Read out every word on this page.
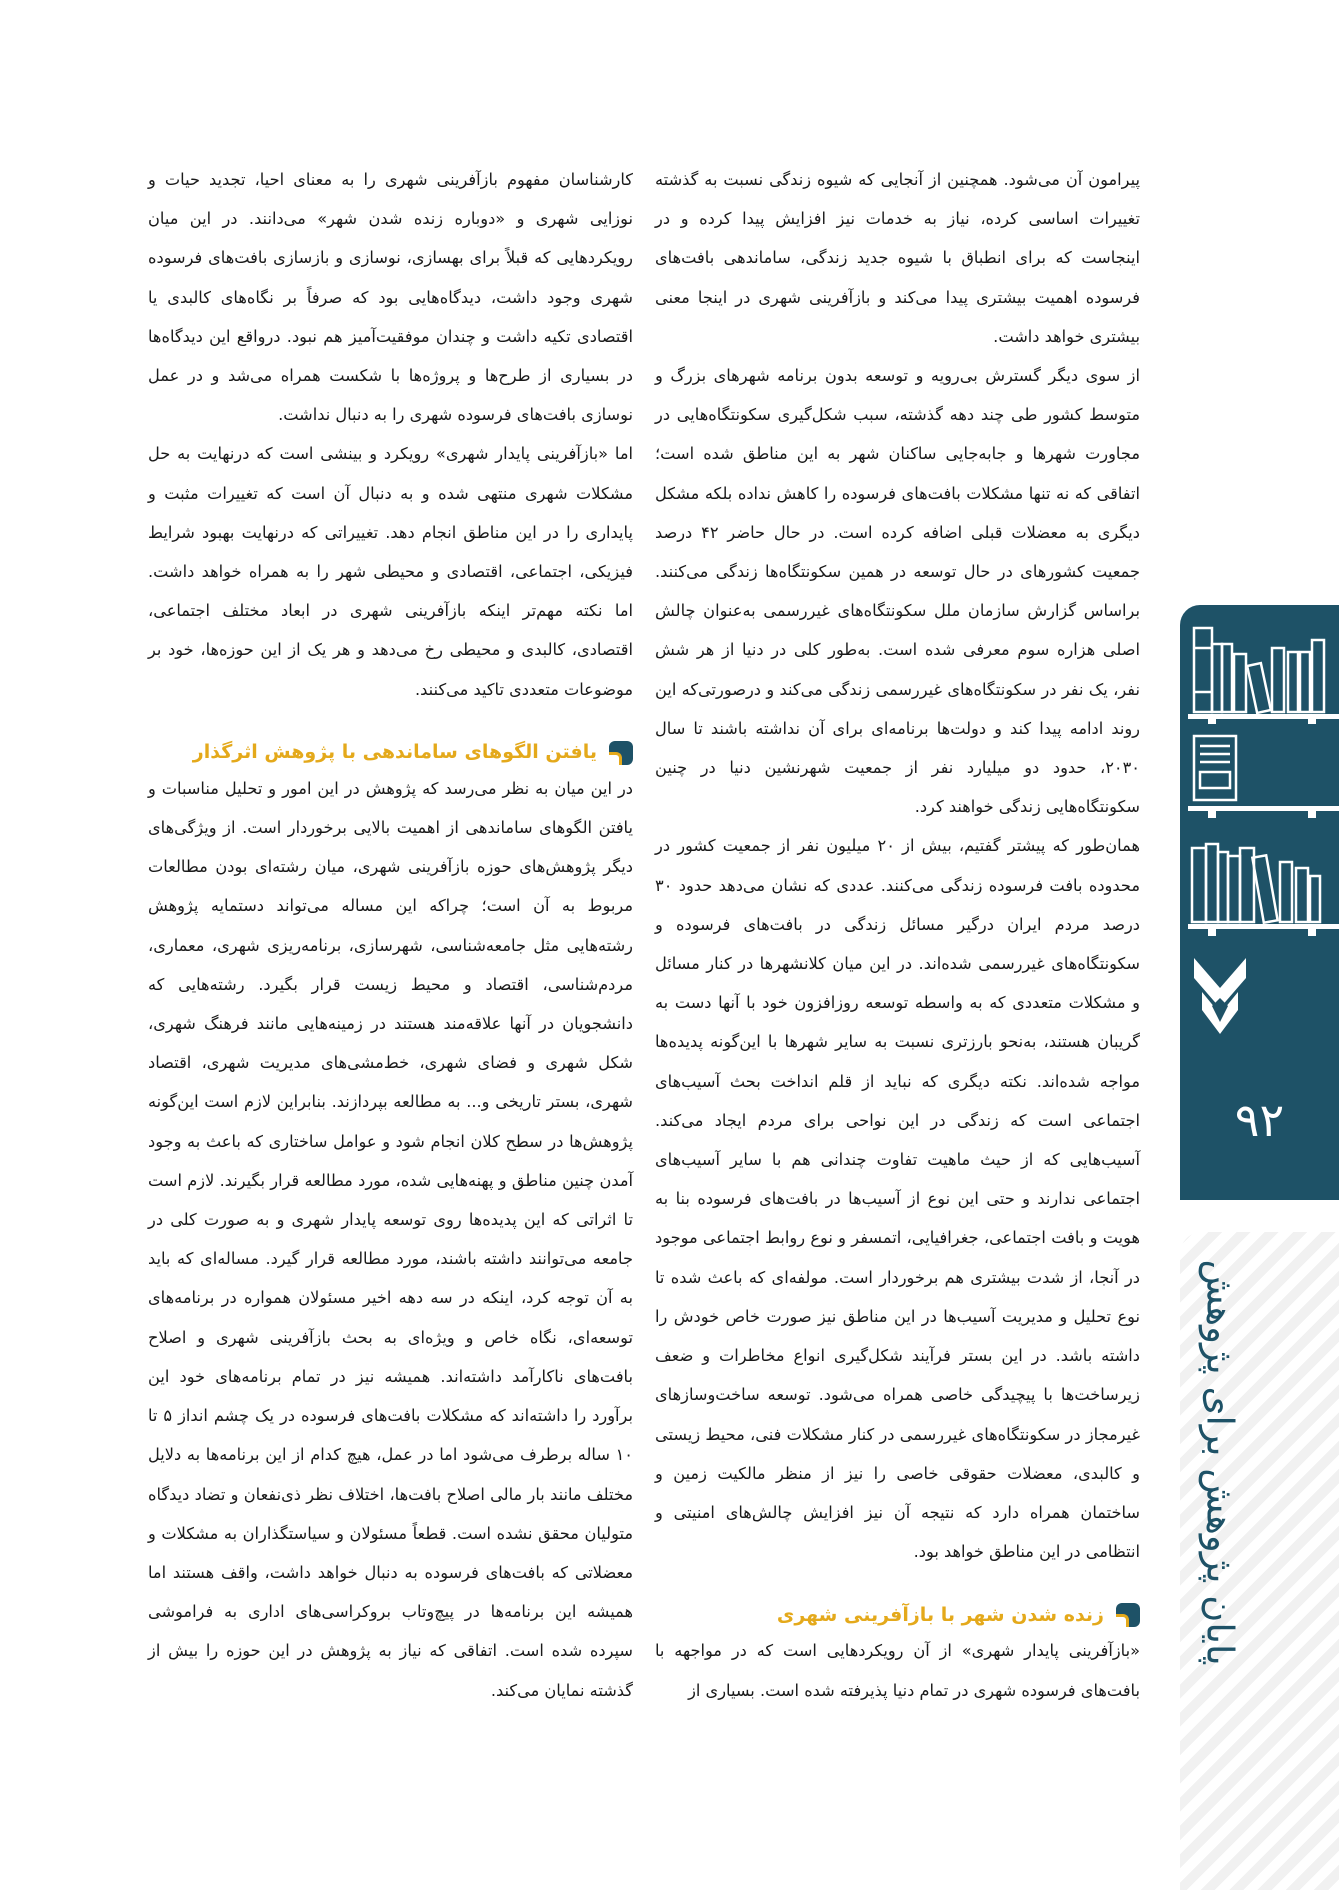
پیرامون آن می‌شود. همچنین از آنجایی که شیوه زندگی نسبت به گذشته تغییرات اساسی کرده، نیاز به خدمات نیز افزایش پیدا کرده و در اینجاست که برای انطباق با شیوه جدید زندگی، ساماندهی بافت‌های فرسوده اهمیت بیشتری پیدا می‌کند و بازآفرینی شهری در اینجا معنی بیشتری خواهد داشت.

از سوی دیگر گسترش بی‌رویه و توسعه بدون برنامه شهرهای بزرگ و متوسط کشور طی چند دهه گذشته، سبب شکل‌گیری سکونتگاه‌هایی در مجاورت شهرها و جابه‌جایی ساکنان شهر به این مناطق شده است؛ اتفاقی که نه تنها مشکلات بافت‌های فرسوده را کاهش نداده بلکه مشکل دیگری به معضلات قبلی اضافه کرده است. در حال حاضر ۴۲ درصد جمعیت کشورهای در حال توسعه در همین سکونتگاه‌ها زندگی می‌کنند. براساس گزارش سازمان ملل سکونتگاه‌های غیررسمی به‌عنوان چالش اصلی هزاره سوم معرفی شده است. به‌طور کلی در دنیا از هر شش نفر، یک نفر در سکونتگاه‌های غیررسمی زندگی می‌کند و درصورتی‌که این روند ادامه پیدا کند و دولت‌ها برنامه‌ای برای آن نداشته باشند تا سال ۲۰۳۰، حدود دو میلیارد نفر از جمعیت شهرنشین دنیا در چنین سکونتگاه‌هایی زندگی خواهند کرد.

همان‌طور که پیشتر گفتیم، بیش از ۲۰ میلیون نفر از جمعیت کشور در محدوده بافت فرسوده زندگی می‌کنند. عددی که نشان می‌دهد حدود ۳۰ درصد مردم ایران درگیر مسائل زندگی در بافت‌های فرسوده و سکونتگاه‌های غیررسمی شده‌اند. در این میان کلانشهرها در کنار مسائل و مشکلات متعددی که به واسطه توسعه روزافزون خود با آنها دست به گریبان هستند، به‌نحو بارزتری نسبت به سایر شهرها با این‌گونه پدیده‌ها مواجه شده‌اند. نکته دیگری که نباید از قلم انداخت بحث آسیب‌های اجتماعی است که زندگی در این نواحی برای مردم ایجاد می‌کند. آسیب‌هایی که از حیث ماهیت تفاوت چندانی هم با سایر آسیب‌های اجتماعی ندارند و حتی این نوع از آسیب‌ها در بافت‌های فرسوده بنا به هویت و بافت اجتماعی، جغرافیایی، اتمسفر و نوع روابط اجتماعی موجود در آنجا، از شدت بیشتری هم برخوردار است. مولفه‌ای که باعث شده تا نوع تحلیل و مدیریت آسیب‌ها در این مناطق نیز صورت خاص خودش را داشته باشد. در این بستر فرآیند شکل‌گیری انواع مخاطرات و ضعف زیرساخت‌ها با پیچیدگی خاصی همراه می‌شود. توسعه ساخت‌وسازهای غیرمجاز در سکونتگاه‌های غیررسمی در کنار مشکلات فنی، محیط زیستی و کالبدی، معضلات حقوقی خاصی را نیز از منظر مالکیت زمین و ساختمان همراه دارد که نتیجه آن نیز افزایش چالش‌های امنیتی و انتظامی در این مناطق خواهد بود.

زنده شدن شهر با بازآفرینی شهری

«بازآفرینی پایدار شهری» از آن رویکردهایی است که در مواجهه با بافت‌های فرسوده شهری در تمام دنیا پذیرفته شده است. بسیاری از

کارشناسان مفهوم بازآفرینی شهری را به معنای احیا، تجدید حیات و نوزایی شهری و «دوباره زنده شدن شهر» می‌دانند. در این میان رویکردهایی که قبلاً برای بهسازی، نوسازی و بازسازی بافت‌های فرسوده شهری وجود داشت، دیدگاه‌هایی بود که صرفاً بر نگاه‌های کالبدی یا اقتصادی تکیه داشت و چندان موفقیت‌آمیز هم نبود. درواقع این دیدگاه‌ها در بسیاری از طرح‌ها و پروژه‌ها با شکست همراه می‌شد و در عمل نوسازی بافت‌های فرسوده شهری را به دنبال نداشت.

اما «بازآفرینی پایدار شهری» رویکرد و بینشی است که درنهایت به حل مشکلات شهری منتهی شده و به دنبال آن است که تغییرات مثبت و پایداری را در این مناطق انجام دهد. تغییراتی که درنهایت بهبود شرایط فیزیکی، اجتماعی، اقتصادی و محیطی شهر را به همراه خواهد داشت. اما نکته مهم‌تر اینکه بازآفرینی شهری در ابعاد مختلف اجتماعی، اقتصادی، کالبدی و محیطی رخ می‌دهد و هر یک از این حوزه‌ها، خود بر موضوعات متعددی تاکید می‌کنند.

یافتن الگوهای ساماندهی با پژوهش اثرگذار

در این میان به نظر می‌رسد که پژوهش در این امور و تحلیل مناسبات و یافتن الگوهای ساماندهی از اهمیت بالایی برخوردار است. از ویژگی‌های دیگر پژوهش‌های حوزه بازآفرینی شهری، میان رشته‌ای بودن مطالعات مربوط به آن است؛ چراکه این مساله می‌تواند دستمایه پژوهش رشته‌هایی مثل جامعه‌شناسی، شهرسازی، برنامه‌ریزی شهری، معماری، مردم‌شناسی، اقتصاد و محیط زیست قرار بگیرد. رشته‌هایی که دانشجویان در آنها علاقه‌مند هستند در زمینه‌هایی مانند فرهنگ شهری، شکل شهری و فضای شهری، خط‌مشی‌های مدیریت شهری، اقتصاد شهری، بستر تاریخی و... به مطالعه بپردازند. بنابراین لازم است این‌گونه پژوهش‌ها در سطح کلان انجام شود و عوامل ساختاری که باعث به وجود آمدن چنین مناطق و پهنه‌هایی شده، مورد مطالعه قرار بگیرند. لازم است تا اثراتی که این پدیده‌ها روی توسعه پایدار شهری و به صورت کلی در جامعه می‌توانند داشته باشند، مورد مطالعه قرار گیرد. مساله‌ای که باید به آن توجه کرد، اینکه در سه دهه اخیر مسئولان همواره در برنامه‌های توسعه‌ای، نگاه خاص و ویژه‌ای به بحث بازآفرینی شهری و اصلاح بافت‌های ناکارآمد داشته‌اند. همیشه نیز در تمام برنامه‌های خود این برآورد را داشته‌اند که مشکلات بافت‌های فرسوده در یک چشم انداز ۵ تا ۱۰ ساله برطرف می‌شود اما در عمل، هیچ کدام از این برنامه‌ها به دلایل مختلف مانند بار مالی اصلاح بافت‌ها، اختلاف نظر ذی‌نفعان و تضاد دیدگاه متولیان محقق نشده است. قطعاً مسئولان و سیاستگذاران به مشکلات و معضلاتی که بافت‌های فرسوده به دنبال خواهد داشت، واقف هستند اما همیشه این برنامه‌ها در پیچ‌وتاب بروکراسی‌های اداری به فراموشی سپرده شده است. اتفاقی که نیاز به پژوهش در این حوزه را بیش از گذشته نمایان می‌کند.

۹۲
پایان پژوهش برای پژوهش
